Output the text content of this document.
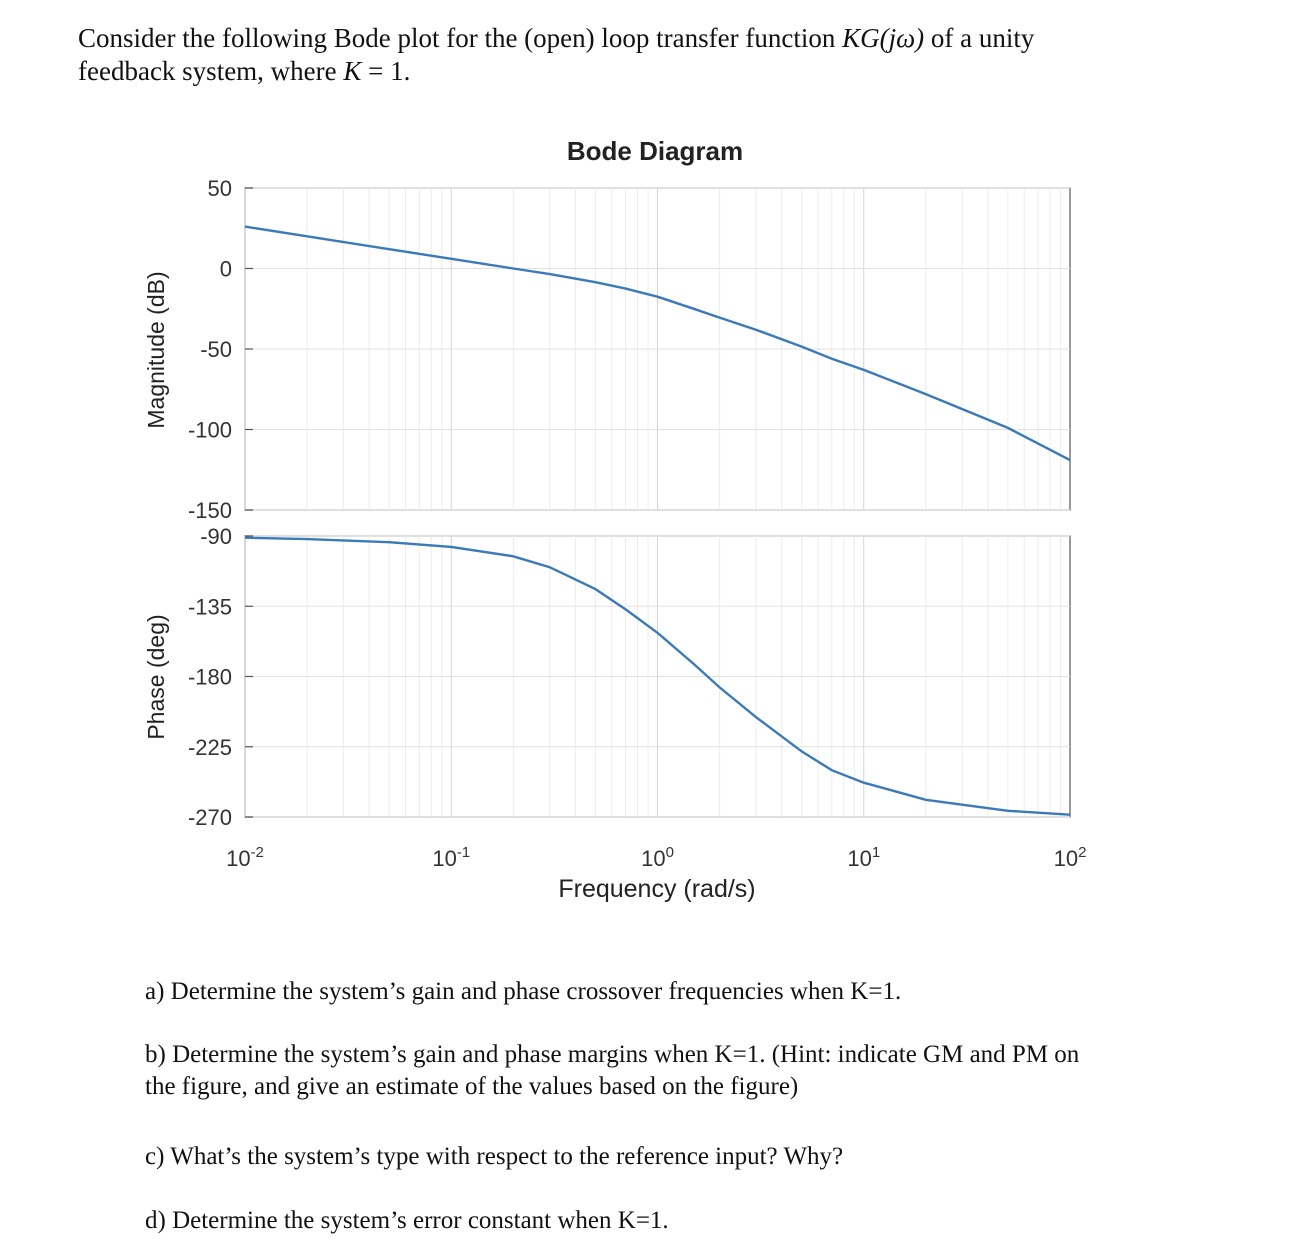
Consider the following Bode plot for the (open) loop transfer function KG(jω) of a unity
feedback system, where K = 1.
Bode Diagram
50
0
-50
-100
-150
Magnitude (dB)
-90
-135
-180
-225
-270
Phase (deg)
$10^{-2}$	$10^{-1}$	$10^0$	$10^1$	$10^2$
Frequency (rad/s)
a) Determine the system’s gain and phase crossover frequencies when K=1.
b) Determine the system’s gain and phase margins when K=1. (Hint: indicate GM and PM on
the figure, and give an estimate of the values based on the figure)
c) What’s the system’s type with respect to the reference input? Why?
d) Determine the system’s error constant when K=1.
